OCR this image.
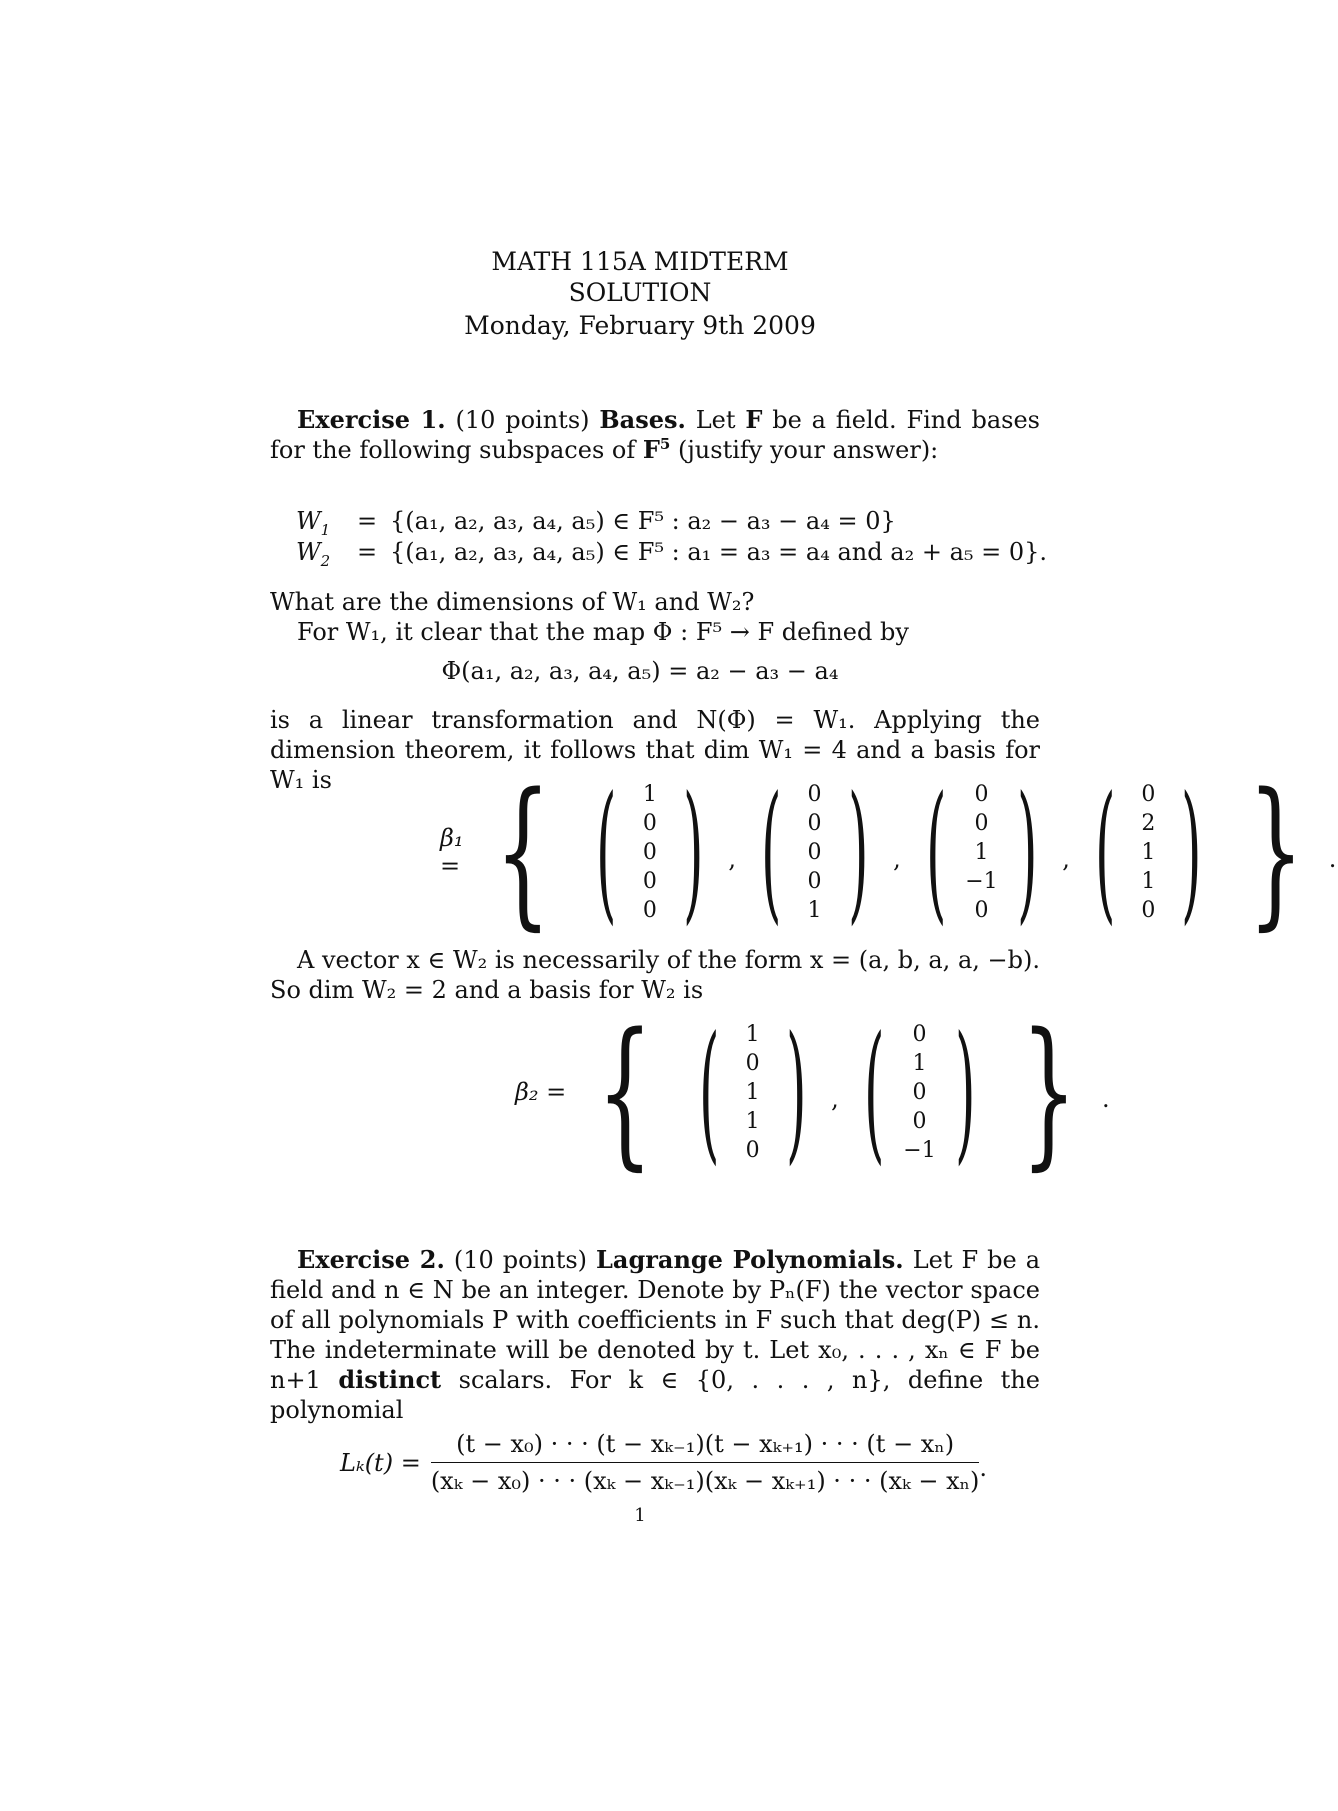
MATH 115A MIDTERM
SOLUTION
Monday, February 9th 2009
Exercise 1. (10 points) Bases. Let F be a field. Find bases for the following subspaces of $F^5$ (justify your answer):
$W_1$	= {(a₁, a₂, a₃, a₄, a₅) ∈ F⁵ : a₂ − a₃ − a₄ = 0}
$W_2$	= {(a₁, a₂, a₃, a₄, a₅) ∈ F⁵ : a₁ = a₃ = a₄ and a₂ + a₅ = 0}.
What are the dimensions of W₁ and W₂?
For W₁, it clear that the map Φ : F⁵ → F defined by
Φ(a₁, a₂, a₃, a₄, a₅) = a₂ − a₃ − a₄
is a linear transformation and N(Φ) = W₁. Applying the dimension theorem, it follows that dim W₁ = 4 and a basis for W₁ is
β₁ = { ( 1
0
0
0
0 ) , ( 0
0
0
0
1 ) , ( 0
0
1
−1
0 ) , ( 0
2
1
1
0 ) } .
A vector x ∈ W₂ is necessarily of the form x = (a, b, a, a, −b). So dim W₂ = 2 and a basis for W₂ is
β₂ = { ( 1
0
1
1
0 ) , ( 0
1
0
0
−1 ) } .
Exercise 2. (10 points) Lagrange Polynomials. Let F be a field and n ∈ N be an integer. Denote by Pₙ(F) the vector space of all polynomials P with coefficients in F such that deg(P) ≤ n. The indeterminate will be denoted by t. Let x₀, . . . , xₙ ∈ F be n+1 distinct scalars. For k ∈ {0, . . . , n}, define the polynomial
$L_k(t) = \frac{\text{(t − x₀) · · · (t − xₖ₋₁)(t − xₖ₊₁) · · · (t − xₙ)}}{\text{(xₖ − x₀) · · · (xₖ − xₖ₋₁)(xₖ − xₖ₊₁) · · · (xₖ − xₙ)}}$ .
1
